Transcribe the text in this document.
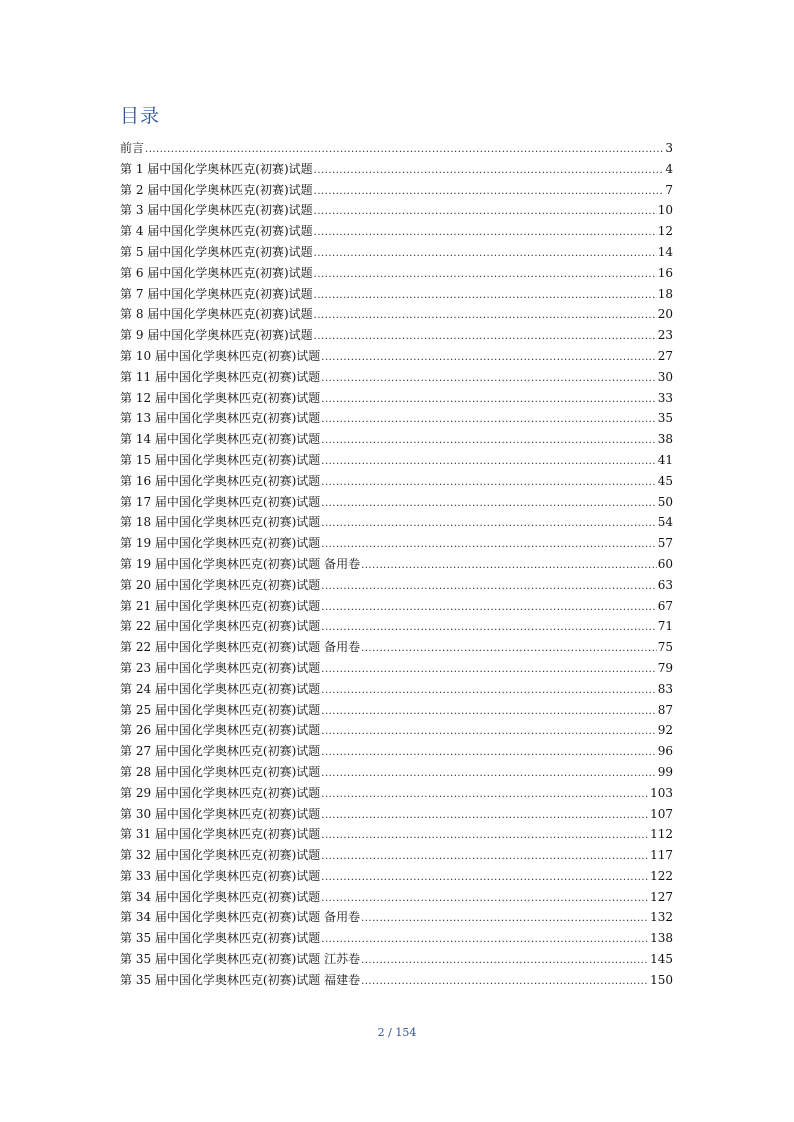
目录
前言 .....	3
第 1 届中国化学奥林匹克(初赛)试题 .....	4
第 2 届中国化学奥林匹克(初赛)试题 .....	7
第 3 届中国化学奥林匹克(初赛)试题 .....	10
第 4 届中国化学奥林匹克(初赛)试题 .....	12
第 5 届中国化学奥林匹克(初赛)试题 .....	14
第 6 届中国化学奥林匹克(初赛)试题 .....	16
第 7 届中国化学奥林匹克(初赛)试题 .....	18
第 8 届中国化学奥林匹克(初赛)试题 .....	20
第 9 届中国化学奥林匹克(初赛)试题 .....	23
第 10 届中国化学奥林匹克(初赛)试题 .....	27
第 11 届中国化学奥林匹克(初赛)试题 .....	30
第 12 届中国化学奥林匹克(初赛)试题 .....	33
第 13 届中国化学奥林匹克(初赛)试题 .....	35
第 14 届中国化学奥林匹克(初赛)试题 .....	38
第 15 届中国化学奥林匹克(初赛)试题 .....	41
第 16 届中国化学奥林匹克(初赛)试题 .....	45
第 17 届中国化学奥林匹克(初赛)试题 .....	50
第 18 届中国化学奥林匹克(初赛)试题 .....	54
第 19 届中国化学奥林匹克(初赛)试题 .....	57
第 19 届中国化学奥林匹克(初赛)试题 备用卷 .....	60
第 20 届中国化学奥林匹克(初赛)试题 .....	63
第 21 届中国化学奥林匹克(初赛)试题 .....	67
第 22 届中国化学奥林匹克(初赛)试题 .....	71
第 22 届中国化学奥林匹克(初赛)试题 备用卷 .....	75
第 23 届中国化学奥林匹克(初赛)试题 .....	79
第 24 届中国化学奥林匹克(初赛)试题 .....	83
第 25 届中国化学奥林匹克(初赛)试题 .....	87
第 26 届中国化学奥林匹克(初赛)试题 .....	92
第 27 届中国化学奥林匹克(初赛)试题 .....	96
第 28 届中国化学奥林匹克(初赛)试题 .....	99
第 29 届中国化学奥林匹克(初赛)试题 .....	103
第 30 届中国化学奥林匹克(初赛)试题 .....	107
第 31 届中国化学奥林匹克(初赛)试题 .....	112
第 32 届中国化学奥林匹克(初赛)试题 .....	117
第 33 届中国化学奥林匹克(初赛)试题 .....	122
第 34 届中国化学奥林匹克(初赛)试题 .....	127
第 34 届中国化学奥林匹克(初赛)试题 备用卷 .....	132
第 35 届中国化学奥林匹克(初赛)试题 .....	138
第 35 届中国化学奥林匹克(初赛)试题 江苏卷 .....	145
第 35 届中国化学奥林匹克(初赛)试题 福建卷 .....	150
2 / 154
